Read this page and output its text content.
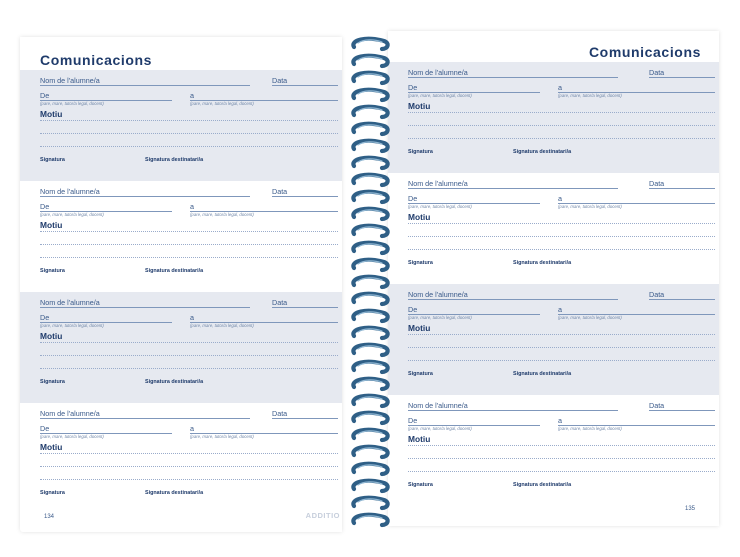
Comunicacions
Nom de l'alumne/a	Data
De
(pare, mare, tutor/a legal, docent)
a
(pare, mare, tutor/a legal, docent)
Motiu
Signatura	Signatura destinatari/a
Nom de l'alumne/a	Data
De
(pare, mare, tutor/a legal, docent)
a
(pare, mare, tutor/a legal, docent)
Motiu
Signatura	Signatura destinatari/a
Nom de l'alumne/a	Data
De
(pare, mare, tutor/a legal, docent)
a
(pare, mare, tutor/a legal, docent)
Motiu
Signatura	Signatura destinatari/a
Nom de l'alumne/a	Data
De
(pare, mare, tutor/a legal, docent)
a
(pare, mare, tutor/a legal, docent)
Motiu
Signatura	Signatura destinatari/a
134	ADDITIO
Comunicacions
Nom de l'alumne/a	Data
De
(pare, mare, tutor/a legal, docent)
a
(pare, mare, tutor/a legal, docent)
Motiu
Signatura	Signatura destinatari/a
Nom de l'alumne/a	Data
De
(pare, mare, tutor/a legal, docent)
a
(pare, mare, tutor/a legal, docent)
Motiu
Signatura	Signatura destinatari/a
Nom de l'alumne/a	Data
De
(pare, mare, tutor/a legal, docent)
a
(pare, mare, tutor/a legal, docent)
Motiu
Signatura	Signatura destinatari/a
Nom de l'alumne/a	Data
De
(pare, mare, tutor/a legal, docent)
a
(pare, mare, tutor/a legal, docent)
Motiu
Signatura	Signatura destinatari/a
135
